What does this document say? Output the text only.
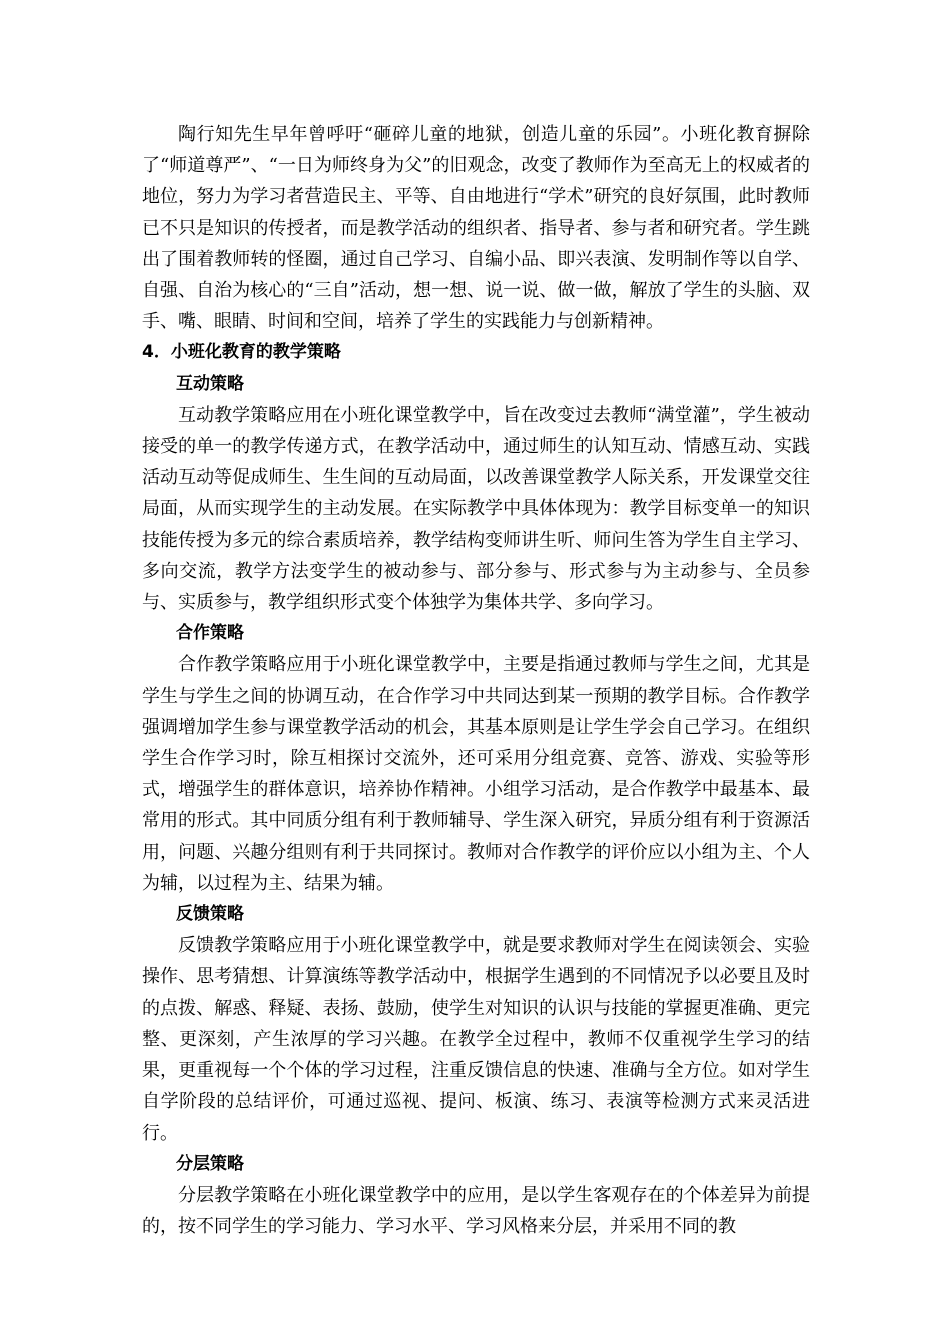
陶行知先生早年曾呼吁“砸碎儿童的地狱，创造儿童的乐园”。小班化教育摒除了“师道尊严”、“一日为师终身为父”的旧观念，改变了教师作为至高无上的权威者的地位，努力为学习者营造民主、平等、自由地进行“学术”研究的良好氛围，此时教师已不只是知识的传授者，而是教学活动的组织者、指导者、参与者和研究者。学生跳出了围着教师转的怪圈，通过自己学习、自编小品、即兴表演、发明制作等以自学、自强、自治为核心的“三自”活动，想一想、说一说、做一做，解放了学生的头脑、双手、嘴、眼睛、时间和空间，培养了学生的实践能力与创新精神。

4．小班化教育的教学策略

互动策略

互动教学策略应用在小班化课堂教学中，旨在改变过去教师“满堂灌”，学生被动接受的单一的教学传递方式，在教学活动中，通过师生的认知互动、情感互动、实践活动互动等促成师生、生生间的互动局面，以改善课堂教学人际关系，开发课堂交往局面，从而实现学生的主动发展。在实际教学中具体体现为：教学目标变单一的知识技能传授为多元的综合素质培养，教学结构变师讲生听、师问生答为学生自主学习、多向交流，教学方法变学生的被动参与、部分参与、形式参与为主动参与、全员参与、实质参与，教学组织形式变个体独学为集体共学、多向学习。

合作策略

合作教学策略应用于小班化课堂教学中，主要是指通过教师与学生之间，尤其是学生与学生之间的协调互动，在合作学习中共同达到某一预期的教学目标。合作教学强调增加学生参与课堂教学活动的机会，其基本原则是让学生学会自己学习。在组织学生合作学习时，除互相探讨交流外，还可采用分组竞赛、竞答、游戏、实验等形式，增强学生的群体意识，培养协作精神。小组学习活动，是合作教学中最基本、最常用的形式。其中同质分组有利于教师辅导、学生深入研究，异质分组有利于资源活用，问题、兴趣分组则有利于共同探讨。教师对合作教学的评价应以小组为主、个人为辅，以过程为主、结果为辅。

反馈策略

反馈教学策略应用于小班化课堂教学中，就是要求教师对学生在阅读领会、实验操作、思考猜想、计算演练等教学活动中，根据学生遇到的不同情况予以必要且及时的点拨、解惑、释疑、表扬、鼓励，使学生对知识的认识与技能的掌握更准确、更完整、更深刻，产生浓厚的学习兴趣。在教学全过程中，教师不仅重视学生学习的结果，更重视每一个个体的学习过程，注重反馈信息的快速、准确与全方位。如对学生自学阶段的总结评价，可通过巡视、提问、板演、练习、表演等检测方式来灵活进行。

分层策略

分层教学策略在小班化课堂教学中的应用，是以学生客观存在的个体差异为前提的，按不同学生的学习能力、学习水平、学习风格来分层，并采用不同的教
